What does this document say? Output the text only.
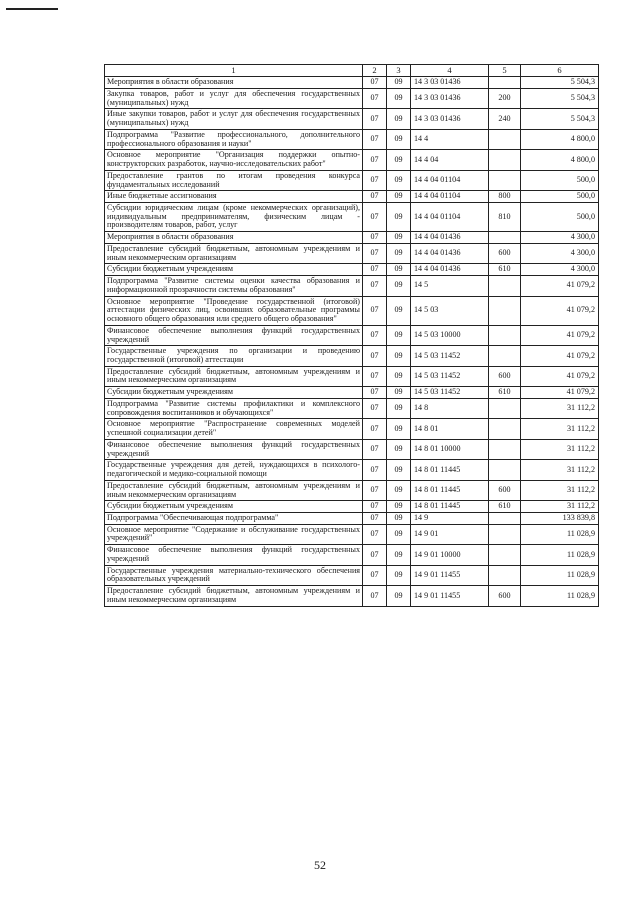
1	2	3	4	5	6
Мероприятия в области образования	07	09	14 3 03 01436		5 504,3
Закупка товаров, работ и услуг для обеспечения государственных (муниципальных) нужд	07	09	14 3 03 01436	200	5 504,3
Иные закупки товаров, работ и услуг для обеспечения государственных (муниципальных) нужд	07	09	14 3 03 01436	240	5 504,3
Подпрограмма "Развитие профессионального, дополнительного профессионального образования и науки"	07	09	14 4		4 800,0
Основное мероприятие "Организация поддержки опытно-конструкторских разработок, научно-исследовательских работ"	07	09	14 4 04		4 800,0
Предоставление грантов по итогам проведения конкурса фундаментальных исследований	07	09	14 4 04 01104		500,0
Иные бюджетные ассигнования	07	09	14 4 04 01104	800	500,0
Субсидии юридическим лицам (кроме некоммерческих организаций), индивидуальным предпринимателям, физическим лицам - производителям товаров, работ, услуг	07	09	14 4 04 01104	810	500,0
Мероприятия в области образования	07	09	14 4 04 01436		4 300,0
Предоставление субсидий бюджетным, автономным учреждениям и иным некоммерческим организациям	07	09	14 4 04 01436	600	4 300,0
Субсидии бюджетным учреждениям	07	09	14 4 04 01436	610	4 300,0
Подпрограмма "Развитие системы оценки качества образования и информационной прозрачности системы образования"	07	09	14 5		41 079,2
Основное мероприятие "Проведение государственной (итоговой) аттестации физических лиц, освоивших образовательные программы основного общего образования или среднего общего образования"	07	09	14 5 03		41 079,2
Финансовое обеспечение выполнения функций государственных учреждений	07	09	14 5 03 10000		41 079,2
Государственные учреждения по организации и проведению государственной (итоговой) аттестации	07	09	14 5 03 11452		41 079,2
Предоставление субсидий бюджетным, автономным учреждениям и иным некоммерческим организациям	07	09	14 5 03 11452	600	41 079,2
Субсидии бюджетным учреждениям	07	09	14 5 03 11452	610	41 079,2
Подпрограмма "Развитие системы профилактики и комплексного сопровождения воспитанников и обучающихся"	07	09	14 8		31 112,2
Основное мероприятие "Распространение современных моделей успешной социализации детей"	07	09	14 8 01		31 112,2
Финансовое обеспечение выполнения функций государственных учреждений	07	09	14 8 01 10000		31 112,2
Государственные учреждения для детей, нуждающихся в психолого-педагогической и медико-социальной помощи	07	09	14 8 01 11445		31 112,2
Предоставление субсидий бюджетным, автономным учреждениям и иным некоммерческим организациям	07	09	14 8 01 11445	600	31 112,2
Субсидии бюджетным учреждениям	07	09	14 8 01 11445	610	31 112,2
Подпрограмма "Обеспечивающая подпрограмма"	07	09	14 9		133 839,8
Основное мероприятие "Содержание и обслуживание государственных учреждений"	07	09	14 9 01		11 028,9
Финансовое обеспечение выполнения функций государственных учреждений	07	09	14 9 01 10000		11 028,9
Государственные учреждения материально-технического обеспечения образовательных учреждений	07	09	14 9 01 11455		11 028,9
Предоставление субсидий бюджетным, автономным учреждениям и иным некоммерческим организациям	07	09	14 9 01 11455	600	11 028,9
52
